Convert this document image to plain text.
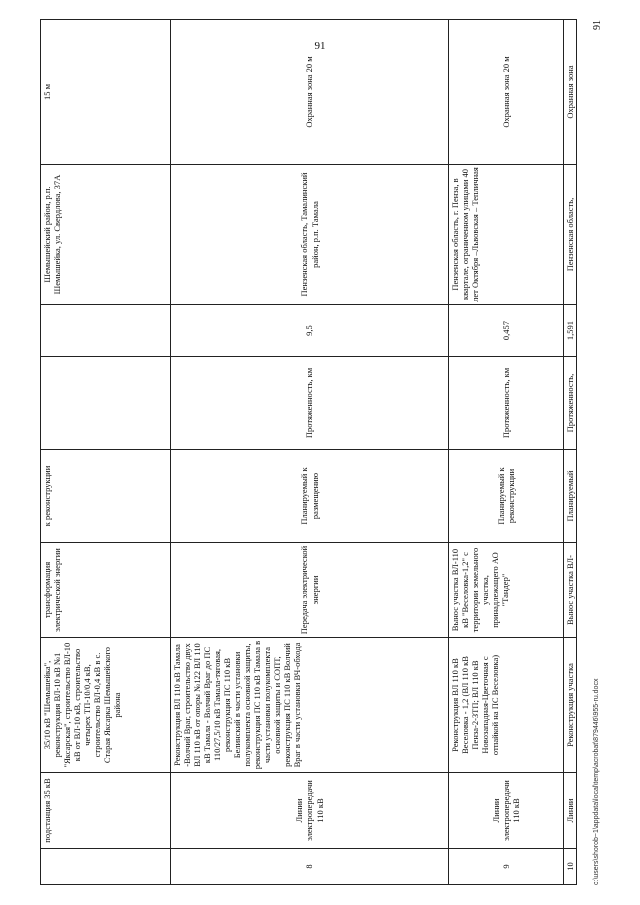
91
	подстанция 35 кВ	35/10 кВ "Шемышейка", реконструкция ВЛ-10 кВ №1 "Яксарская", строительство ВЛ-10 кВ от ВЛ-10 кВ, строительство четырех ТП-10/0,4 кВ, строительство ВЛ-0,4 кВ в с. Старая Яксарка Шемышейского района	трансформация электрической энергии	к реконструкции			Шемышейский район, р.п. Шемышейка, ул. Свердлова, 37А	15 м
8	Линии электропередачи 110 кВ	Реконструкция ВЛ 110 кВ Тамала -Волчий Враг, строительство двух ВЛ 110 кВ от опоры №122 ВЛ 110 кВ Тамала - Волчий Враг до ПС 110/27,5/10 кВ Тамала-тяговая, реконструкция ПС 110 кВ Белинский в части установки полукомплекта основной защиты, реконструкция ПС 110 кВ Тамала в части установки полукомплекта основной защиты и СОПТ, реконструкция ПС 110 кВ Волчий Враг в части установки ВЧ-обхода	Передача электрической энергии	Планируемый к размещению	Протяженность, км	9,5	Пензенская область, Тамалинский район, р.п. Тамала	Охранная зона 20 м
9	Линии электропередачи 110 кВ	Реконструкция ВЛ 110 кВ Веселовка - 1,2 (ВЛ 110 кВ Пенза-2-ЗТП; ВЛ 110 кВ Новозападная-Цветочная с отпайкой на ПС Веселовка)	Вынос участка ВЛ-110 кВ "Веселовка-1,2" с территории земельного участка, принадлежащего АО "Тандер"	Планируемый к реконструкции	Протяженность, км	0,457	Пензенская область, г. Пенза, в квартале, ограниченном улицами 40 лет Октября –Львовская – Тепличная	Охранная зона 20 м
10	Линии	Реконструкция участка	Вынос участка ВЛ-	Планируемый	Протяженность,	1,591	Пензенская область,	Охранная зона
c:\users\shorob~1\appdata\local\temp\acrobat\879446\955-ru.docx
91
